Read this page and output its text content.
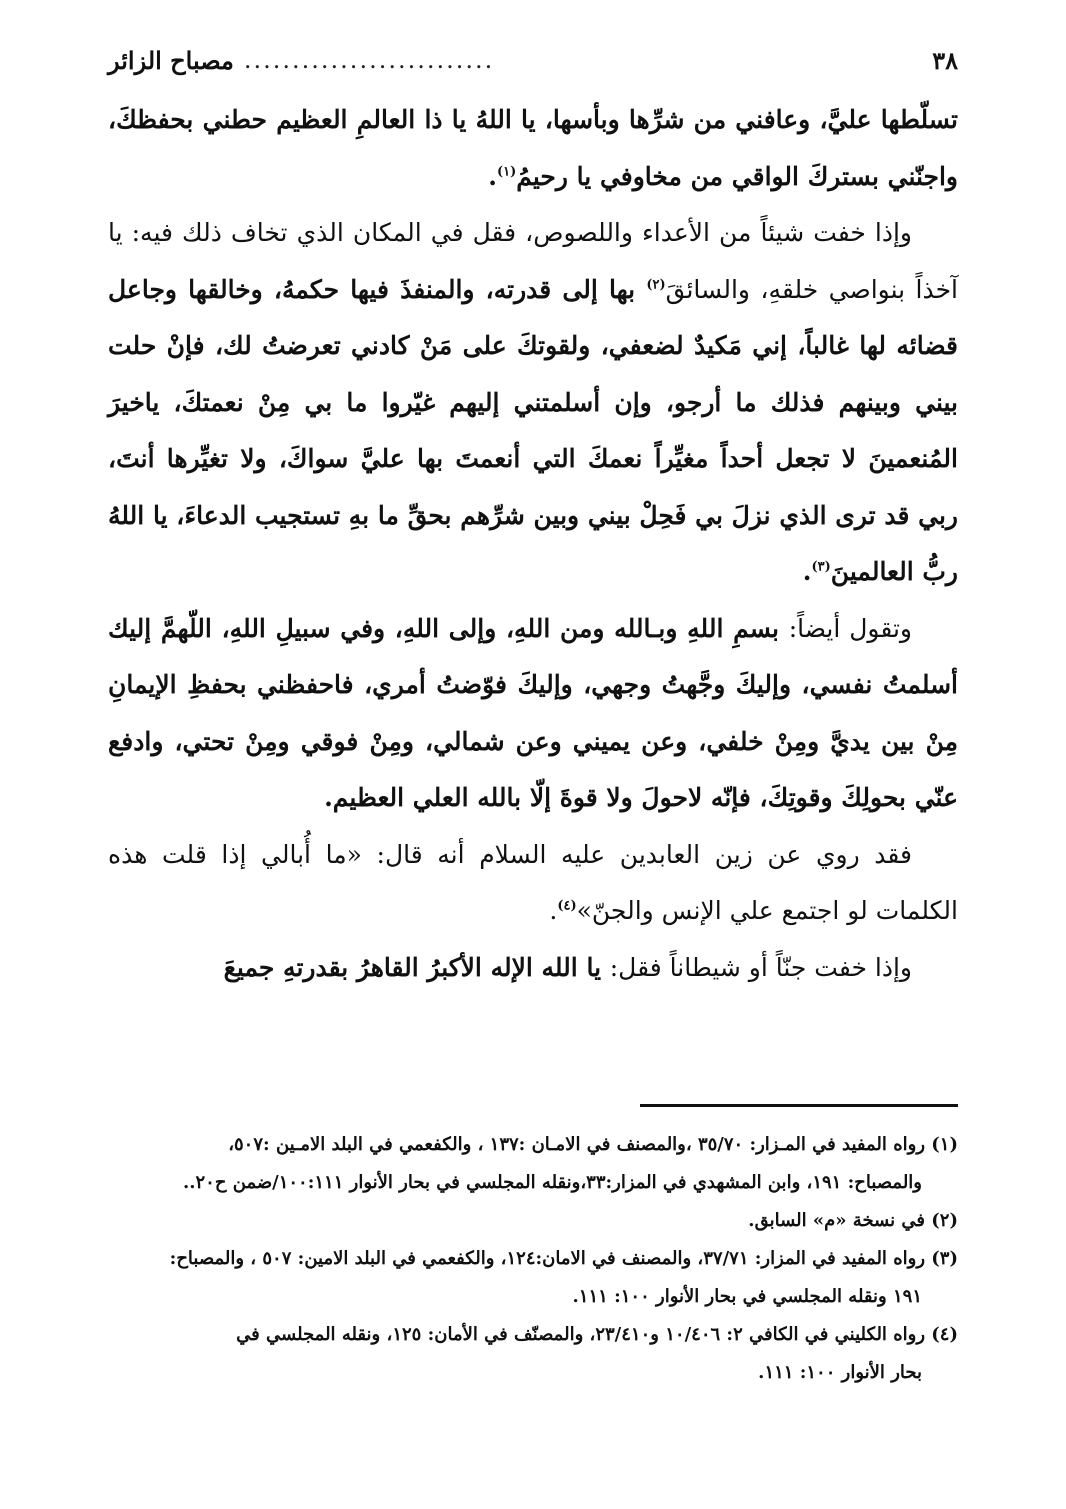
٣٨
..........................
مصباح الزائر

تسلّطها عليَّ، وعافني من شرِّها وبأسها، يا اللهُ يا ذا العالمِ العظيم حطني بحفظكَ، واجنّني بستركَ الواقي من مخاوفي يا رحيمُ$^{(١)}$.

وإذا خفت شيئاً من الأعداء واللصوص، فقل في المكان الذي تخاف ذلك فيه: يا آخذاً بنواصي خلقهِ، والسائقَ$^{(٢)}$ بها إلى قدرته، والمنفذَ فيها حكمهُ، وخالقها وجاعل قضائه لها غالباً، إني مَكيدٌ لضعفي، ولقوتكَ على مَنْ كادني تعرضتُ لك، فإنْ حلت بيني وبينهم فذلك ما أرجو، وإن أسلمتني إليهم غيّروا ما بي مِنْ نعمتكَ، ياخيرَ المُنعمينَ لا تجعل أحداً مغيِّراً نعمكَ التي أنعمتَ بها عليَّ سواكَ، ولا تغيِّرها أنتَ، ربي قد ترى الذي نزلَ بي فَحِلْ بيني وبين شرِّهم بحقِّ ما بهِ تستجيب الدعاءَ، يا اللهُ ربُّ العالمينَ$^{(٣)}$.

وتقول أيضاً: بسمِ اللهِ وبـالله ومن اللهِ، وإلى اللهِ، وفي سبيلِ اللهِ، اللّهمَّ إليك أسلمتُ نفسي، وإليكَ وجَّهتُ وجهي، وإليكَ فوّضتُ أمري، فاحفظني بحفظِ الإيمانِ مِنْ بين يديَّ ومِنْ خلفي، وعن يميني وعن شمالي، ومِنْ فوقي ومِنْ تحتي، وادفع عنّي بحولِكَ وقوتِكَ، فإنّه لاحولَ ولا قوةَ إلّا بالله العلي العظيم.

فقد روي عن زين العابدين عليه السلام أنه قال: «ما أُبالي إذا قلت هذه الكلمات لو اجتمع علي الإنس والجنّ»$^{(٤)}$.

وإذا خفت جنّاً أو شيطاناً فقل: يا الله الإله الأكبرُ القاهرُ بقدرتهِ جميعَ

(١) رواه المفيد في المـزار: ٣٥/٧٠ ،والمصنف في الامـان :١٣٧ ، والكفعمي في البلد الامـين :٥٠٧،
والمصباح: ١٩١، وابن المشهدي في المزار:٣٣،ونقله المجلسي في بحار الأنوار ١٠٠:١١١/ضمن ح٢٠..
(٢) في نسخة «م» السابق.
(٣) رواه المفيد في المزار: ٣٧/٧١، والمصنف في الامان:١٢٤، والكفعمي في البلد الامين: ٥٠٧ ، والمصباح:
١٩١ ونقله المجلسي في بحار الأنوار ١٠٠: ١١١.
(٤) رواه الكليني في الكافي ٢: ١٠/٤٠٦ و٢٣/٤١٠، والمصنّف في الأمان: ١٢٥، ونقله المجلسي في
بحار الأنوار ١٠٠: ١١١.
